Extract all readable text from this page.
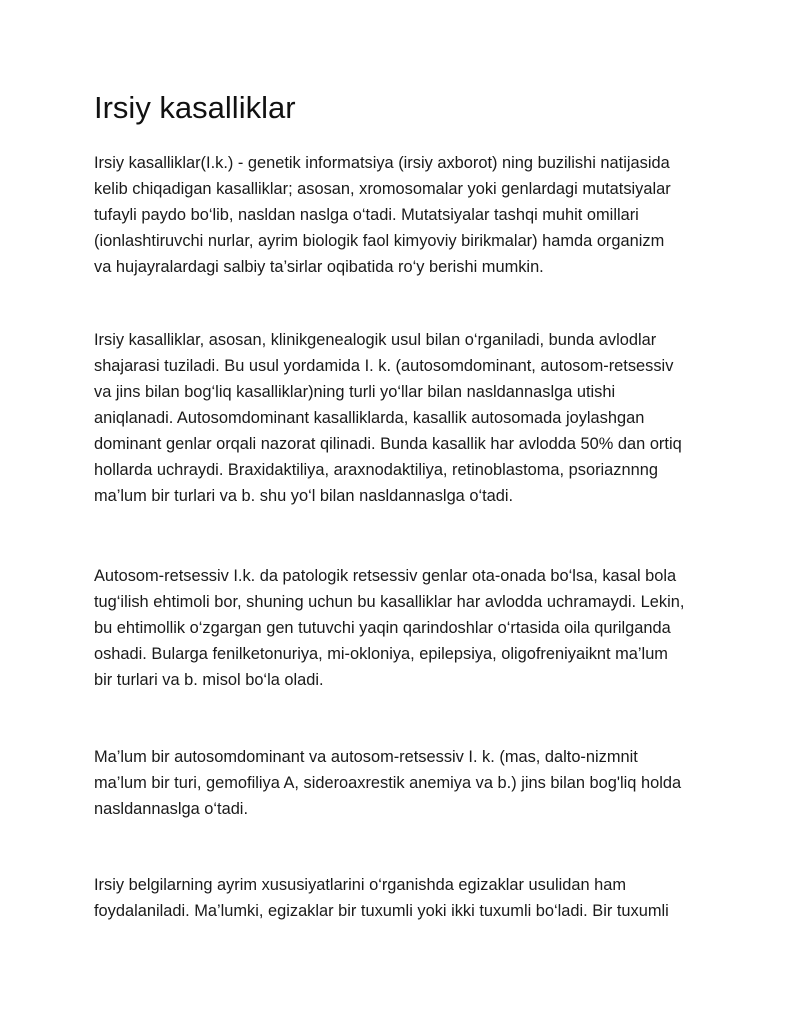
Irsiy kasalliklar
Irsiy kasalliklar(I.k.) - genetik informatsiya (irsiy axborot) ning buzilishi natijasida
kelib chiqadigan kasalliklar; asosan, xromosomalar yoki genlardagi mutatsiyalar
tufayli paydo bo‘lib, nasldan naslga o‘tadi. Mutatsiyalar tashqi muhit omillari
(ionlashtiruvchi nurlar, ayrim biologik faol kimyoviy birikmalar) hamda organizm
va hujayralardagi salbiy ta’sirlar oqibatida ro‘y berishi mumkin.
Irsiy kasalliklar, asosan, klinikgenealogik usul bilan o‘rganiladi, bunda avlodlar
shajarasi tuziladi. Bu usul yordamida I. k. (autosomdominant, autosom-retsessiv
va jins bilan bog‘liq kasalliklar)ning turli yo‘llar bilan nasldannaslga utishi
aniqlanadi. Autosomdominant kasalliklarda, kasallik autosomada joylashgan
dominant genlar orqali nazorat qilinadi. Bunda kasallik har avlodda 50% dan ortiq
hollarda uchraydi. Braxidaktiliya, araxnodaktiliya, retinoblastoma, psoriaznnng
ma’lum bir turlari va b. shu yo‘l bilan nasldannaslga o‘tadi.
Autosom-retsessiv I.k. da patologik retsessiv genlar ota-onada bo‘lsa, kasal bola
tug‘ilish ehtimoli bor, shuning uchun bu kasalliklar har avlodda uchramaydi. Lekin,
bu ehtimollik o‘zgargan gen tutuvchi yaqin qarindoshlar o‘rtasida oila qurilganda
oshadi. Bularga fenilketonuriya, mi-okloniya, epilepsiya, oligofreniyaiknt ma’lum
bir turlari va b. misol bo‘la oladi.
Ma’lum bir autosomdominant va autosom-retsessiv I. k. (mas, dalto-nizmnit
ma’lum bir turi, gemofiliya A, sideroaxrestik anemiya va b.) jins bilan bog'liq holda
nasldannaslga o‘tadi.
Irsiy belgilarning ayrim xususiyatlarini o‘rganishda egizaklar usulidan ham
foydalaniladi. Ma’lumki, egizaklar bir tuxumli yoki ikki tuxumli bo‘ladi. Bir tuxumli
